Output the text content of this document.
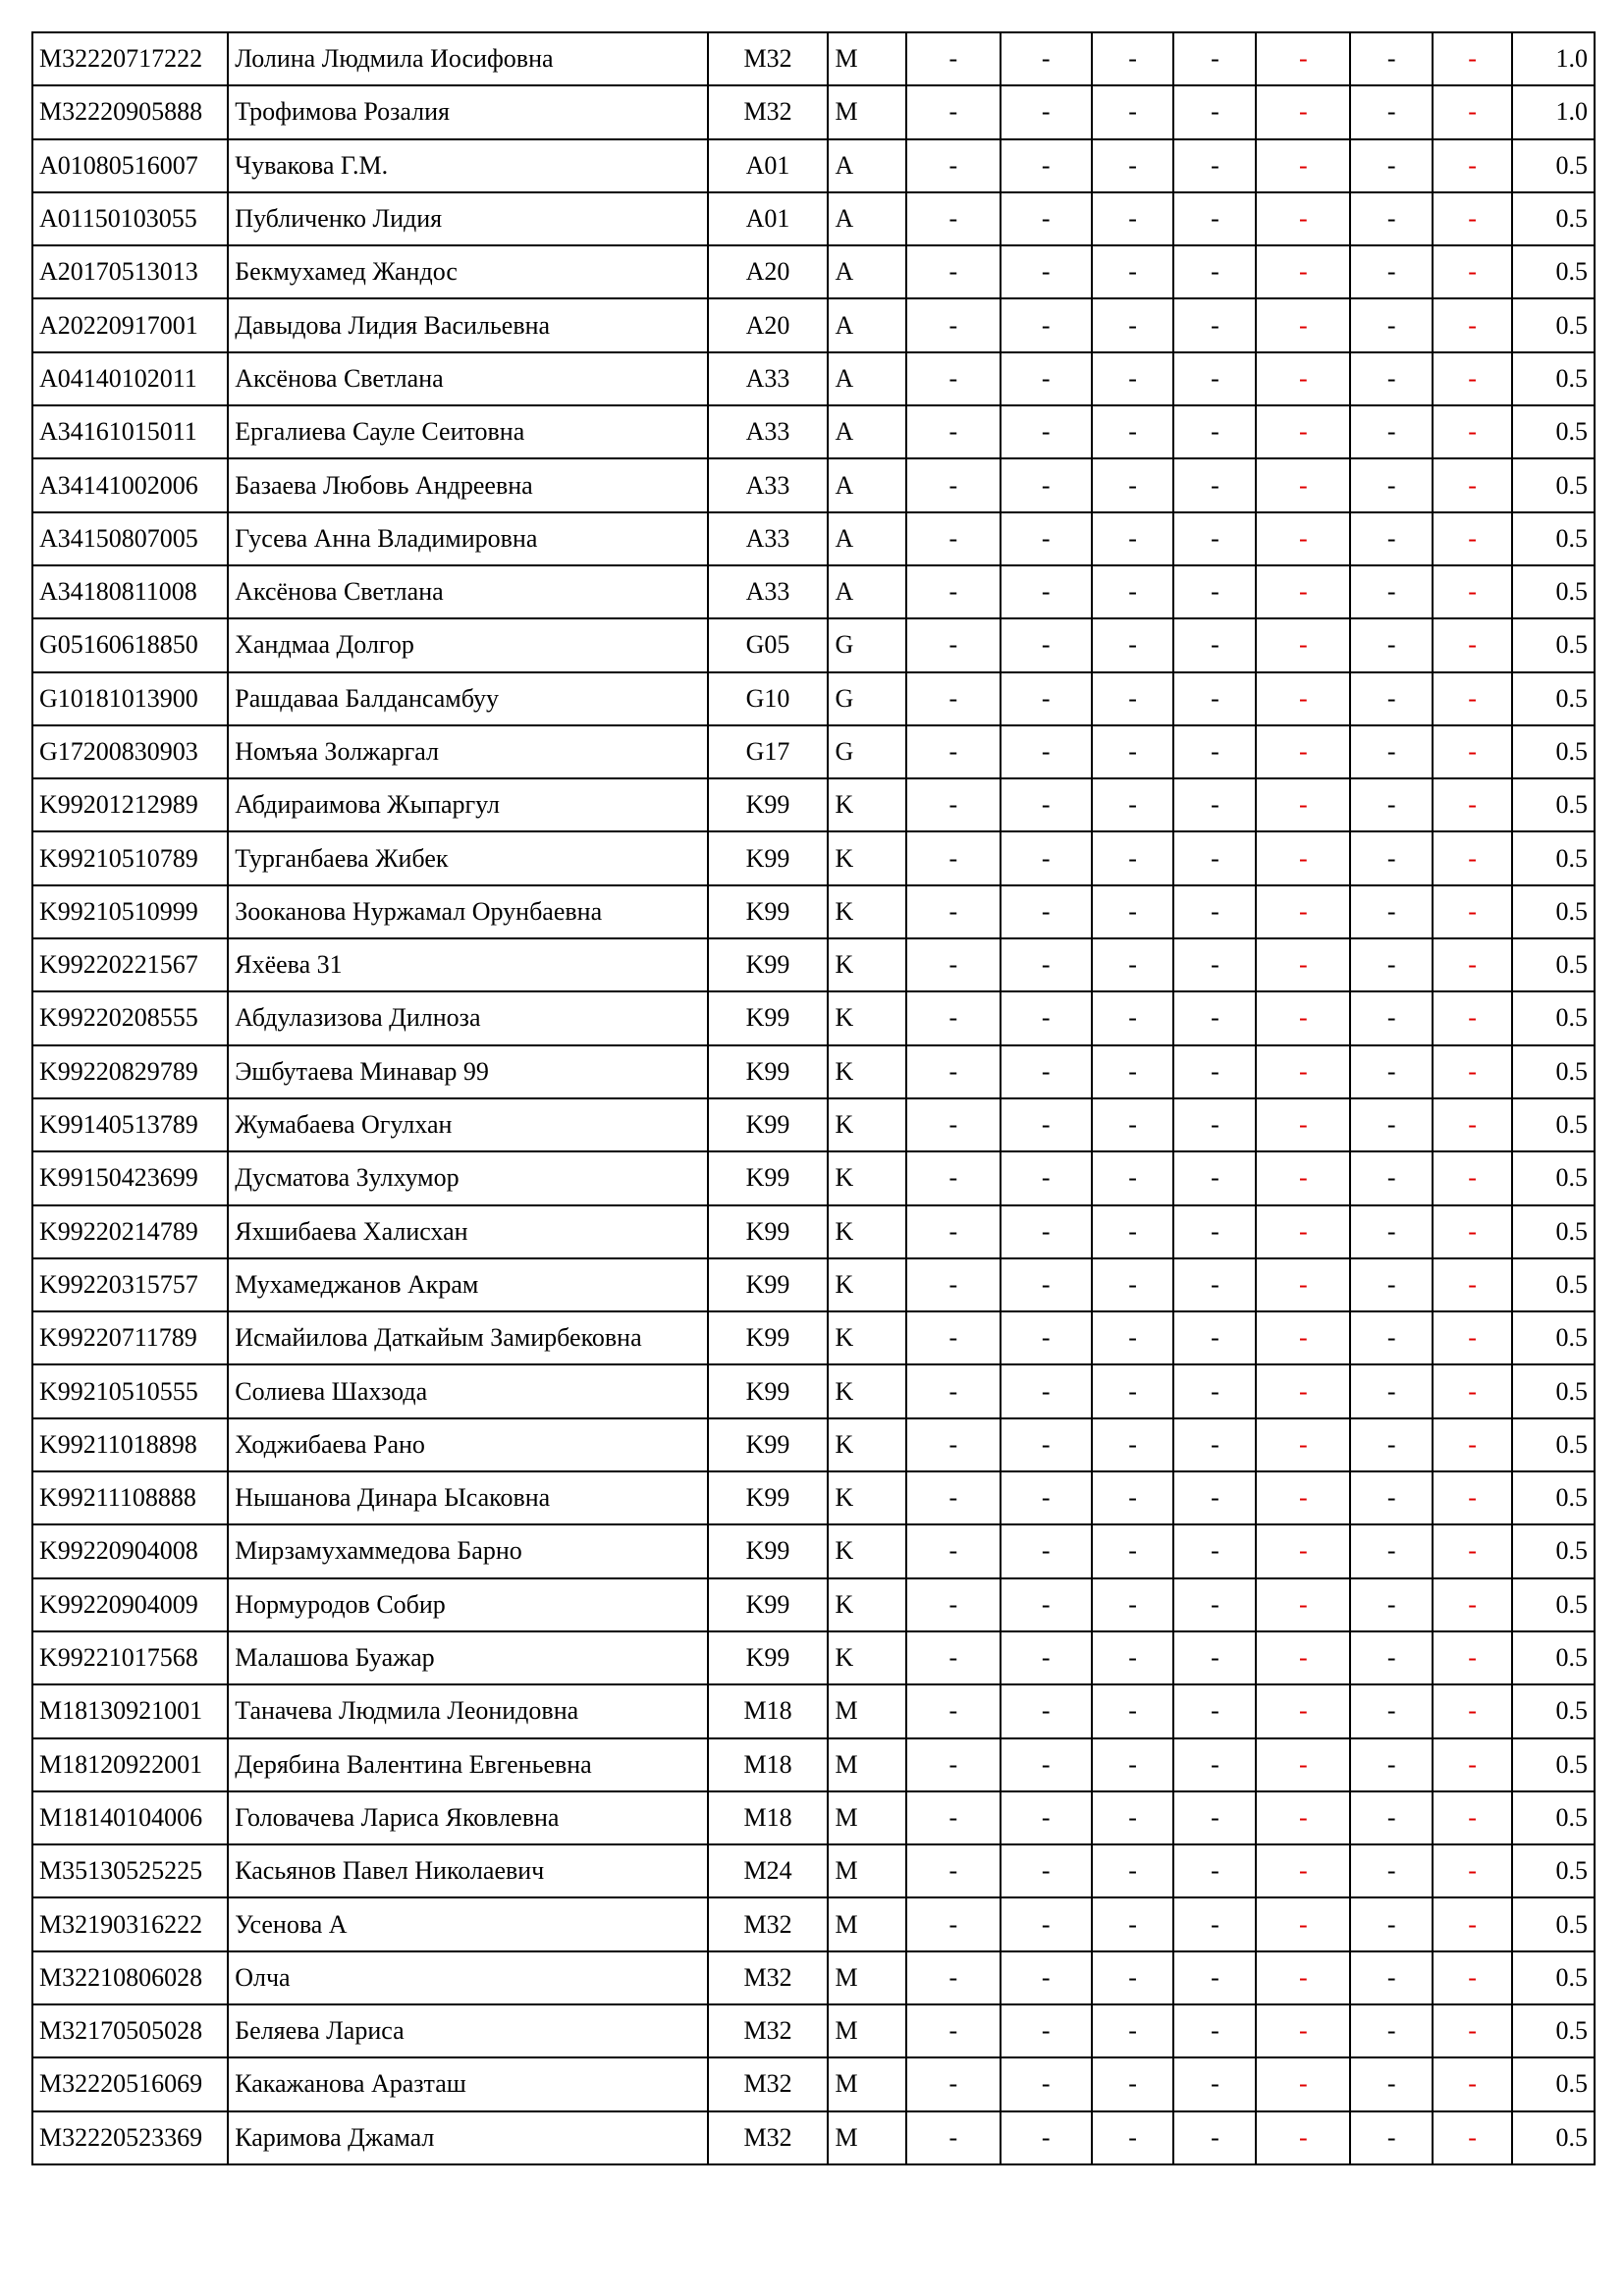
M32220717222	Лолина Людмила Иосифовна	M32	M	-	-	-	-	-	-	-	1.0
M32220905888	Трофимова Розалия	M32	M	-	-	-	-	-	-	-	1.0
A01080516007	Чувакова Г.М.	A01	A	-	-	-	-	-	-	-	0.5
A01150103055	Публиченко Лидия	A01	A	-	-	-	-	-	-	-	0.5
A20170513013	Бекмухамед Жандос	A20	A	-	-	-	-	-	-	-	0.5
A20220917001	Давыдова Лидия Васильевна	A20	A	-	-	-	-	-	-	-	0.5
A04140102011	Аксёнова Светлана	A33	A	-	-	-	-	-	-	-	0.5
A34161015011	Ергалиева Сауле Сеитовна	A33	A	-	-	-	-	-	-	-	0.5
A34141002006	Базаева Любовь Андреевна	A33	A	-	-	-	-	-	-	-	0.5
A34150807005	Гусева Анна Владимировна	A33	A	-	-	-	-	-	-	-	0.5
A34180811008	Аксёнова Светлана	A33	A	-	-	-	-	-	-	-	0.5
G05160618850	Хандмаа Долгор	G05	G	-	-	-	-	-	-	-	0.5
G10181013900	Рашдаваа Балдансамбуу	G10	G	-	-	-	-	-	-	-	0.5
G17200830903	Номъяа Золжаргал	G17	G	-	-	-	-	-	-	-	0.5
K99201212989	Абдираимова Жыпаргул	K99	K	-	-	-	-	-	-	-	0.5
K99210510789	Турганбаева Жибек	K99	K	-	-	-	-	-	-	-	0.5
K99210510999	Зооканова Нуржамал Орунбаевна	K99	K	-	-	-	-	-	-	-	0.5
K99220221567	Яхёева 31	K99	K	-	-	-	-	-	-	-	0.5
K99220208555	Абдулазизова Дилноза	K99	K	-	-	-	-	-	-	-	0.5
K99220829789	Эшбутаева Минавар 99	K99	K	-	-	-	-	-	-	-	0.5
K99140513789	Жумабаева Огулхан	K99	K	-	-	-	-	-	-	-	0.5
K99150423699	Дусматова Зулхумор	K99	K	-	-	-	-	-	-	-	0.5
K99220214789	Яхшибаева Халисхан	K99	K	-	-	-	-	-	-	-	0.5
K99220315757	Мухамеджанов Акрам	K99	K	-	-	-	-	-	-	-	0.5
K99220711789	Исмайилова Даткайым Замирбековна	K99	K	-	-	-	-	-	-	-	0.5
K99210510555	Солиева Шахзода	K99	K	-	-	-	-	-	-	-	0.5
K99211018898	Ходжибаева Рано	K99	K	-	-	-	-	-	-	-	0.5
K99211108888	Нышанова Динара Ысаковна	K99	K	-	-	-	-	-	-	-	0.5
K99220904008	Мирзамухаммедова Барно	K99	K	-	-	-	-	-	-	-	0.5
K99220904009	Нормуродов Собир	K99	K	-	-	-	-	-	-	-	0.5
K99221017568	Малашова Буажар	K99	K	-	-	-	-	-	-	-	0.5
M18130921001	Таначева Людмила Леонидовна	M18	M	-	-	-	-	-	-	-	0.5
M18120922001	Дерябина Валентина Евгеньевна	M18	M	-	-	-	-	-	-	-	0.5
M18140104006	Головачева Лариса Яковлевна	M18	M	-	-	-	-	-	-	-	0.5
M35130525225	Касьянов Павел Николаевич	M24	M	-	-	-	-	-	-	-	0.5
M32190316222	Усенова А	M32	M	-	-	-	-	-	-	-	0.5
M32210806028	Олча	M32	M	-	-	-	-	-	-	-	0.5
M32170505028	Беляева Лариса	M32	M	-	-	-	-	-	-	-	0.5
M32220516069	Какажанова Аразташ	M32	M	-	-	-	-	-	-	-	0.5
M32220523369	Каримова Джамал	M32	M	-	-	-	-	-	-	-	0.5
